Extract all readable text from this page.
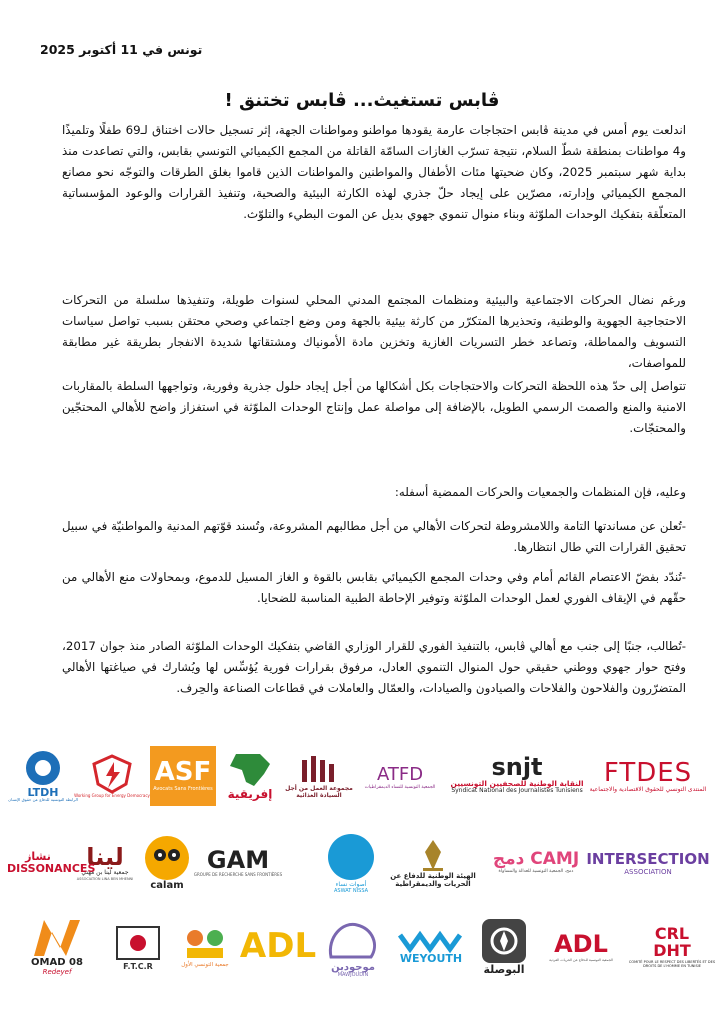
تونس في 11 أكتوبر 2025
ڨابس تستغيث... ڨابس تختنق !
اندلعت يوم أمس في مدينة ڨابس احتجاجات عارمة يقودها مواطنو ومواطنات الجهة، إثر تسجيل حالات اختناق لـ69 طفلًا وتلميذًا و4 مواطنات بمنطقة شطّ السلام، نتيجة تسرّب الغازات السامّة القاتلة من المجمع الكيميائي التونسي بقابس، والتي تصاعدت منذ بداية شهر سبتمبر 2025، وكان ضحيتها مئات الأطفال والمواطنين والمواطنات الذين قاموا بغلق الطرقات والتوجّه نحو مصانع المجمع الكيميائي وإدارته، مصرّين على إيجاد حلّ جذري لهذه الكارثة البيئية والصحية، وتنفيذ القرارات والوعود المؤسساتية المتعلّقة بتفكيك الوحدات الملوّثة وبناء منوال تنموي جهوي بديل عن الموت البطيء والتلوّث.
ورغم نضال الحركات الاجتماعية والبيئية ومنظمات المجتمع المدني المحلي لسنوات طويلة، وتنفيذها سلسلة من التحركات الاحتجاجية الجهوية والوطنية، وتحذيرها المتكرّر من كارثة بيئية بالجهة ومن وضع اجتماعي وصحي محتقن بسبب تواصل سياسات التسويف والمماطلة، وتصاعد خطر التسريات الغازية وتخزين مادة الأمونياك ومشتقاتها شديدة الانفجار بطريقة غير مطابقة للمواصفات،
تتواصل إلى حدّ هذه اللحظة التحركات والاحتجاجات بكل أشكالها من أجل إيجاد حلول جذرية وفورية، وتواجهها السلطة بالمقاربات الامنية والمنع والصمت الرسمي الطويل، بالإضافة إلى مواصلة عمل وإنتاج الوحدات الملوّثة في استفزاز واضح للأهالي المحتجّين والمحتجّات.
وعليه، فإن المنظمات والجمعيات والحركات الممضية أسفله:
-تُعلن عن مساندتها التامة واللامشروطة لتحركات الأهالي من أجل مطالبهم المشروعة، وتُسند قوّتهم المدنية والمواطنيّة في سبيل تحقيق القرارات التي طال انتظارها.
-تُندّد بفضّ الاعتصام القائم أمام وفي وحدات المجمع الكيميائي بقابس بالقوة و الغاز المسيل للدموع، وبمحاولات منع الأهالي من حقّهم في الإيقاف الفوري لعمل الوحدات الملوّثة وتوفير الإحاطة الطبية المناسبة للضحايا.
-تُطالب، جنبًا إلى جنب مع أهالي ڨابس، بالتنفيذ الفوري للقرار الوزاري القاضي بتفكيك الوحدات الملوّثة الصادر منذ جوان 2017، وفتح حوار جهوي ووطني حقيقي حول المنوال التنموي العادل، مرفوق بقرارات فورية يُؤسِّس لها ويُشارك في صياغتها الأهالي المتضرّرون والفلاحون والفلاحات والصيادون والصيادات، والعمّال والعاملات في قطاعات الصناعة والحِرف.
FTDES
المنتدى التونسي للحقوق الاقتصادية والاجتماعية
snjt
النقابة الوطنية للصحفيين التونسيين
Syndicat National des Journalistes Tunisiens
ATFD
الجمعية التونسية للنساء الديمقراطيات
مجموعة العمل من أجل السيادة الغذائية
إفريقية
ASF
Avocats Sans Frontières
Working Group for Energy Democracy
LTDH
الرابطة التونسية للدفاع عن حقوق الإنسان
INTERSECTION
ASSOCIATION
دمج CAMJ
دمج، الجمعية التونسية للعدالة والمساواة
الهيئة الوطنية للدفاع عن الحريات والديمقراطية
أصوات نساء
ASWAT NISSA
GAM
GROUPE DE RECHERCHE SANS FRONTIÈRES
calam
لينا
جمعية لينا بن مهني
ASSOCIATION LINA BEN MHENNI
نشاز DISSONANCES
CRL DHT
COMITÉ POUR LE RESPECT DES LIBERTÉS ET DES DROITS DE L'HOMME EN TUNISIE
ADL
الجمعية التونسية للدفاع عن الحريات الفردية
البوصلة
WEYOUTH
موجودين
MAWJOUDIN
ADL
جمعية التونسي الأول
F.T.C.R
OMAD 08
Redeyef
